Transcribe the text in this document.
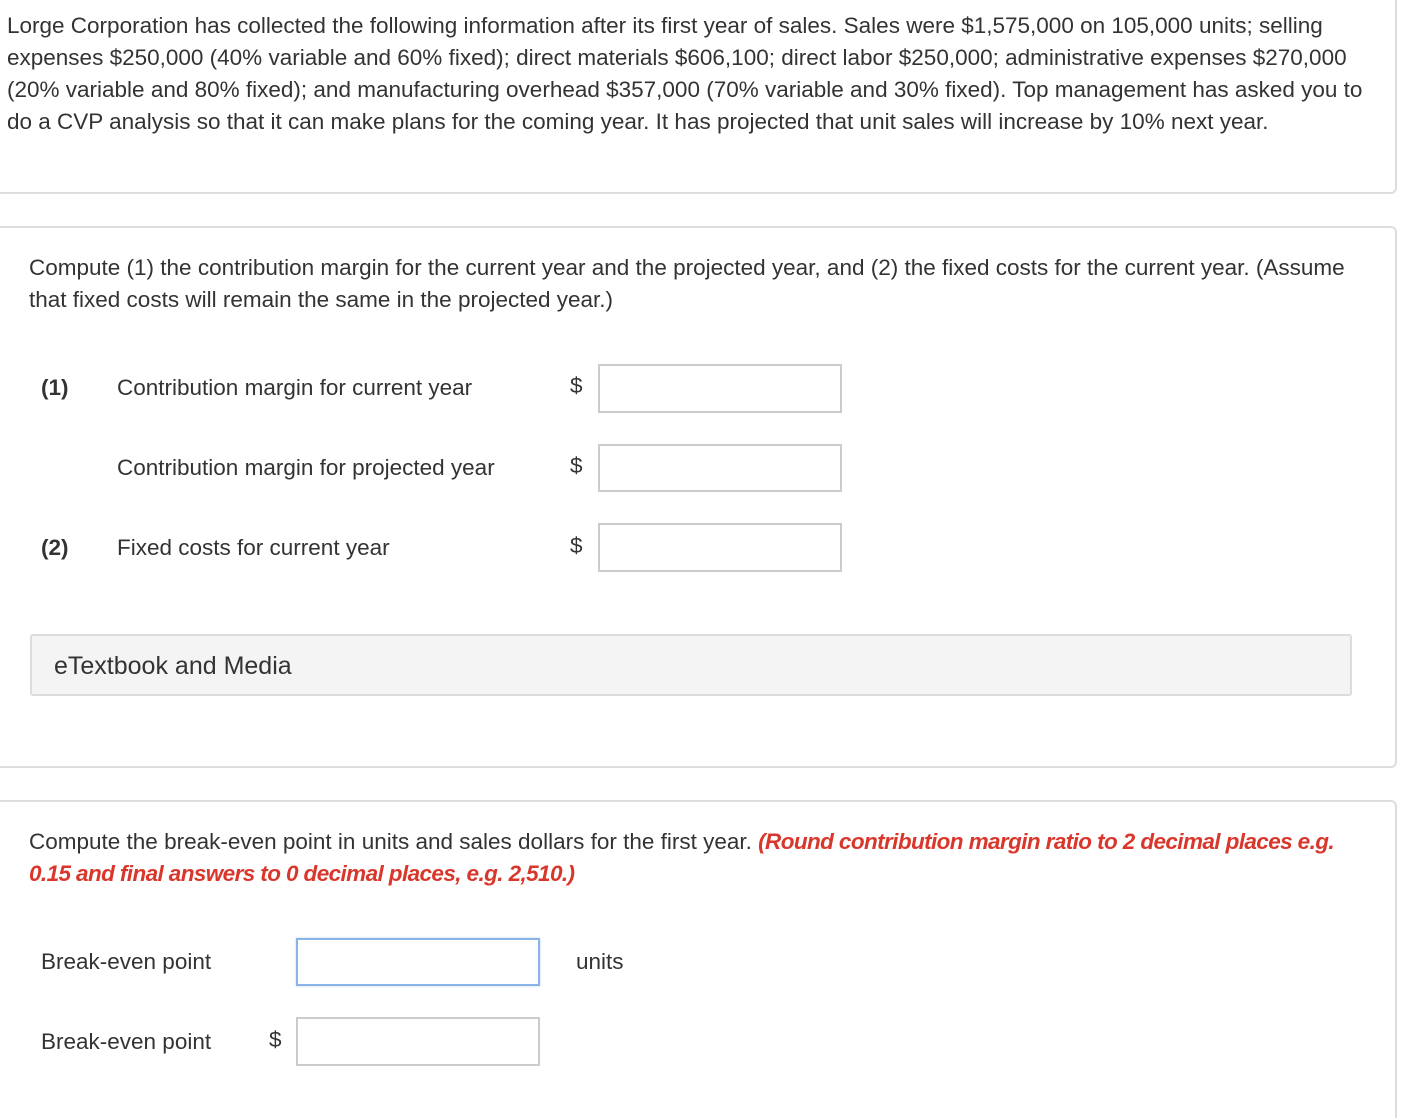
Lorge Corporation has collected the following information after its first year of sales. Sales were $1,575,000 on 105,000 units; selling expenses $250,000 (40% variable and 60% fixed); direct materials $606,100; direct labor $250,000; administrative expenses $270,000 (20% variable and 80% fixed); and manufacturing overhead $357,000 (70% variable and 30% fixed). Top management has asked you to do a CVP analysis so that it can make plans for the coming year. It has projected that unit sales will increase by 10% next year.
Compute (1) the contribution margin for the current year and the projected year, and (2) the fixed costs for the current year. (Assume that fixed costs will remain the same in the projected year.)
(1) Contribution margin for current year	$
Contribution margin for projected year	$
(2) Fixed costs for current year	$
eTextbook and Media
Compute the break-even point in units and sales dollars for the first year. (Round contribution margin ratio to 2 decimal places e.g. 0.15 and final answers to 0 decimal places, e.g. 2,510.)
Break-even point	units
Break-even point	$
